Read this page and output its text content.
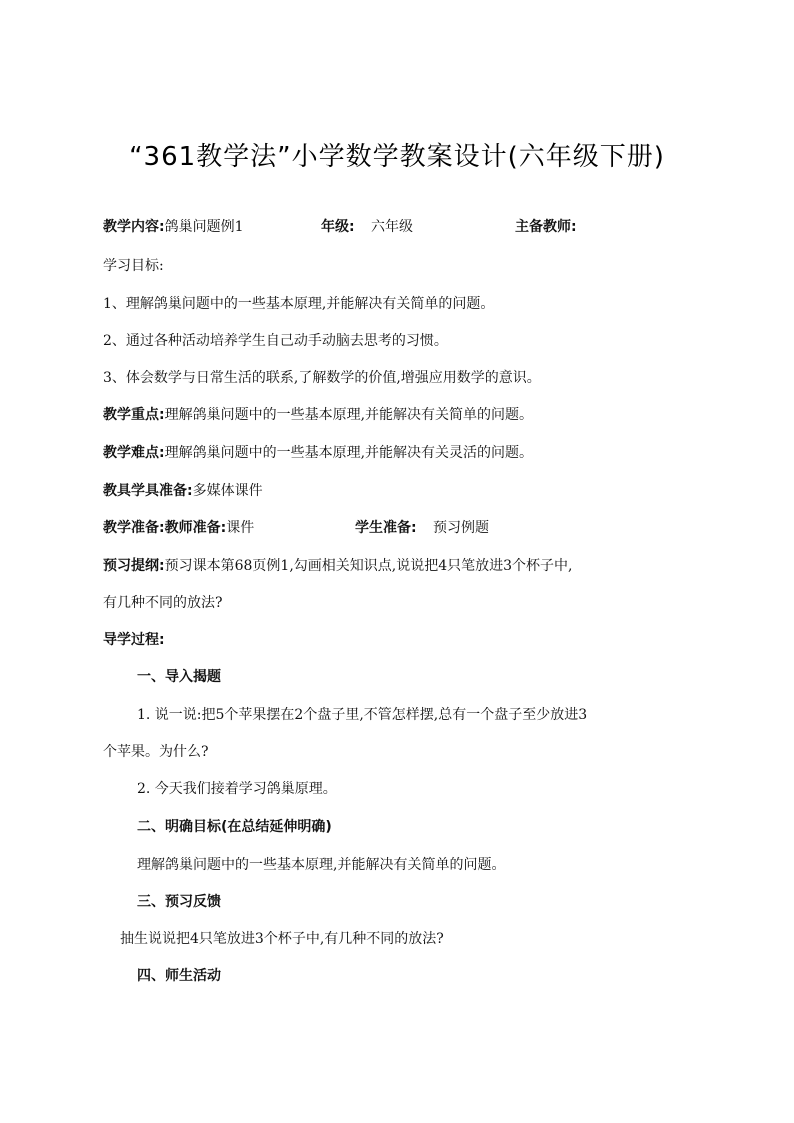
“361教学法”小学数学教案设计(六年级下册)
教学内容:鸽巢问题例1	年级: 六年级	主备教师:
学习目标:
1、理解鸽巢问题中的一些基本原理,并能解决有关简单的问题。
2、通过各种活动培养学生自己动手动脑去思考的习惯。
3、体会数学与日常生活的联系,了解数学的价值,增强应用数学的意识。
教学重点:理解鸽巢问题中的一些基本原理,并能解决有关简单的问题。
教学难点:理解鸽巢问题中的一些基本原理,并能解决有关灵活的问题。
教具学具准备:多媒体课件
教学准备:教师准备:课件	学生准备: 预习例题
预习提纲:预习课本第68页例1,勾画相关知识点,说说把4只笔放进3个杯子中,
有几种不同的放法?
导学过程:
一、导入揭题
1. 说一说:把5个苹果摆在2个盘子里,不管怎样摆,总有一个盘子至少放进3
个苹果。为什么?
2. 今天我们接着学习鸽巢原理。
二、明确目标(在总结延伸明确)
理解鸽巢问题中的一些基本原理,并能解决有关简单的问题。
三、预习反馈
抽生说说把4只笔放进3个杯子中,有几种不同的放法?
四、师生活动
